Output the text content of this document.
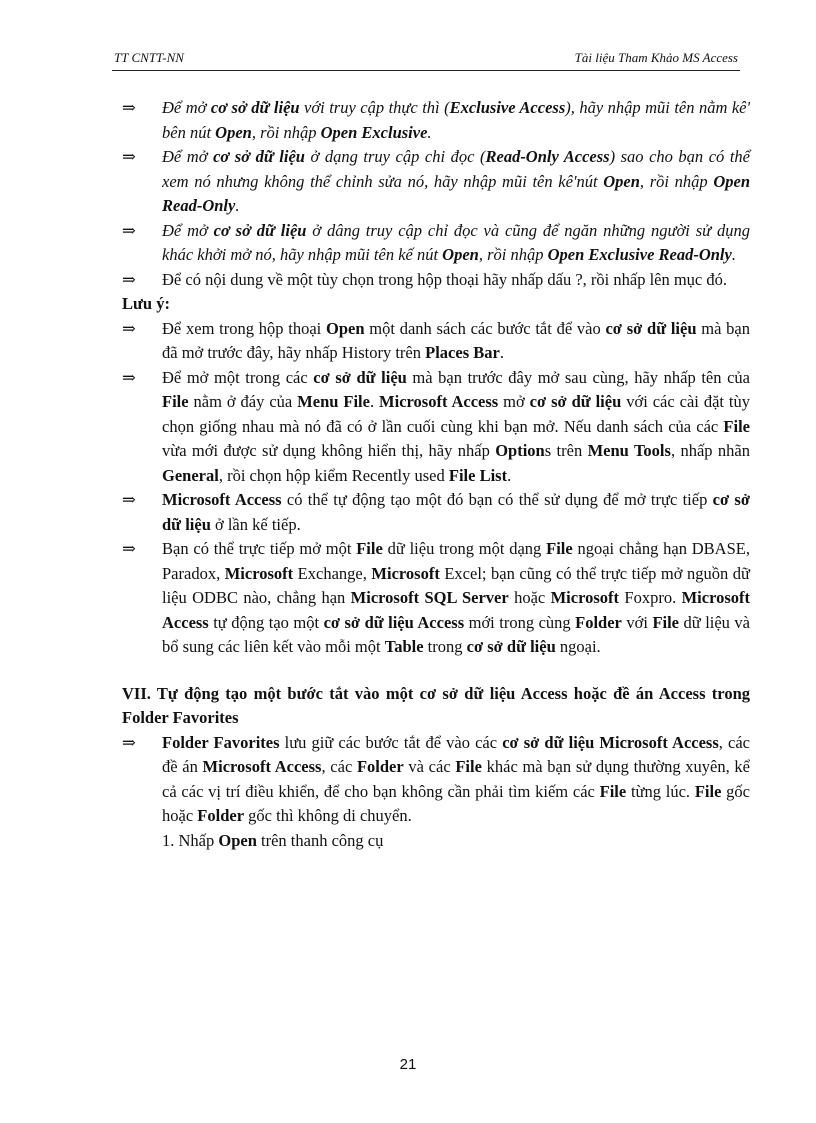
TT CNTT-NN	Tài liệu Tham Khảo MS Access
⇒	Để mở cơ sở dữ liệu với truy cập thực thì (Exclusive Access), hãy nhập mũi tên nằm kê' bên nút Open, rồi nhập Open Exclusive.
⇒	Để mở cơ sở dữ liệu ở dạng truy cập chi đọc (Read-Only Access) sao cho bạn có thể xem nó nhưng không thể chỉnh sửa nó, hãy nhập mũi tên kê'nút Open, rồi nhập Open Read-Only.
⇒	Để mở cơ sở dữ liệu ở dâng truy cập chỉ đọc và cũng để ngăn những người sử dụng khác khởi mở nó, hãy nhập mũi tên kế nút Open, rồi nhập Open Exclusive Read-Only.
⇒	Để có nội dung về một tùy chọn trong hộp thoại hãy nhấp dấu ?, rồi nhấp lên mục đó.

Lưu ý:

⇒	Để xem trong hộp thoại Open một danh sách các bước tắt để vào cơ sở dữ liệu mà bạn đã mở trước đây, hãy nhấp History trên Places Bar.
⇒	Để mở một trong các cơ sở dữ liệu mà bạn trước đây mở sau cùng, hãy nhấp tên của File nằm ở đáy của Menu File. Microsoft Access mở cơ sở dữ liệu với các cài đặt tùy chọn giống nhau mà nó đã có ở lần cuối cùng khi bạn mở. Nếu danh sách của các File vừa mới được sử dụng không hiển thị, hãy nhấp Options trên Menu Tools, nhấp nhãn General, rồi chọn hộp kiểm Recently used File List.
⇒	Microsoft Access có thể tự động tạo một đó bạn có thể sử dụng để mở trực tiếp cơ sở dữ liệu ở lần kế tiếp.
⇒	Bạn có thể trực tiếp mở một File dữ liệu trong một dạng File ngoại chẳng hạn DBASE, Paradox, Microsoft Exchange, Microsoft Excel; bạn cũng có thể trực tiếp mở nguồn dữ liệu ODBC nào, chẳng hạn Microsoft SQL Server hoặc Microsoft Foxpro. Microsoft Access tự động tạo một cơ sở dữ liệu Access mới trong cùng Folder với File dữ liệu và bổ sung các liên kết vào mỗi một Table trong cơ sở dữ liệu ngoại.
VII. Tự động tạo một bước tắt vào một cơ sở dữ liệu Access hoặc đề án Access trong Folder Favorites
⇒	Folder Favorites lưu giữ các bước tắt để vào các cơ sở dữ liệu Microsoft Access, các đề án Microsoft Access, các Folder và các File khác mà bạn sử dụng thường xuyên, kể cả các vị trí điều khiển, để cho bạn không cần phải tìm kiếm các File từng lúc. File gốc hoặc Folder gốc thì không di chuyển.
1. Nhấp Open trên thanh công cụ
21
